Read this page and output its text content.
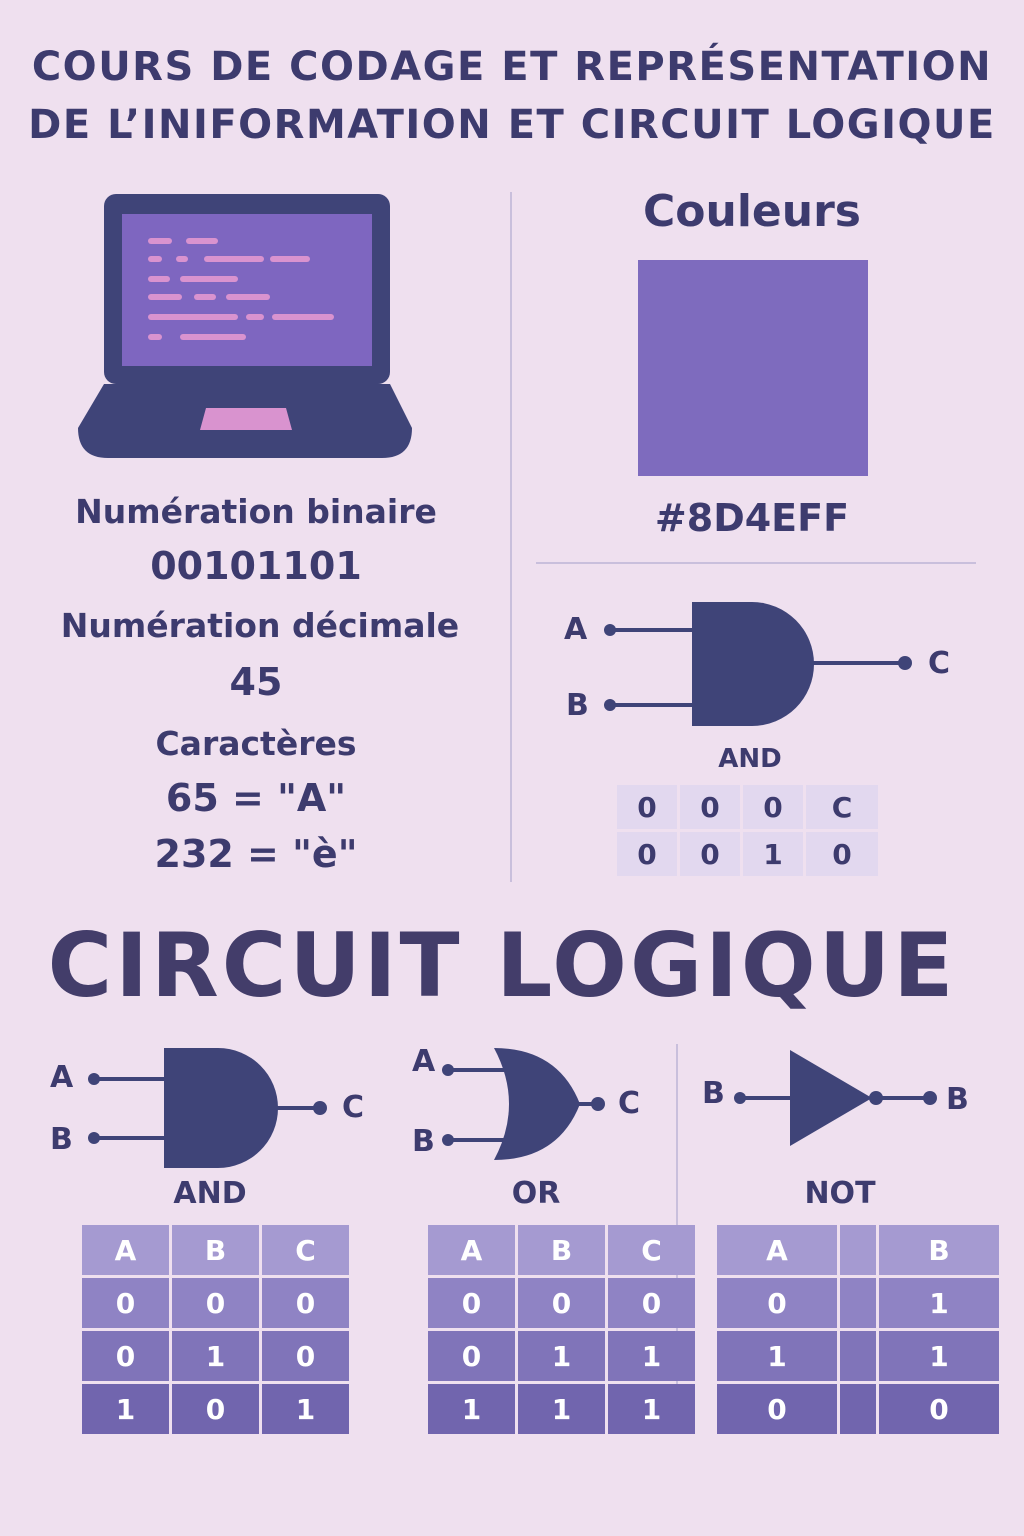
COURS DE CODAGE ET REPRÉSENTATION
DE L’INIFORMATION ET CIRCUIT LOGIQUE
Numération binaire
00101101
Numération décimale
45
Caractères
65 = "A"
232 = "è"
Couleurs
#8D4EFF
A
B
C
AND
0	0	0	C
0	0	1	0
CIRCUIT LOGIQUE
A
B
C
AND
A	B	C
0	0	0
0	1	0
1	0	1
A
B
C
OR
A	B	C
0	0	0
0	1	1
1	1	1
B	B
NOT
A		B
0		1
1		1
0		0
